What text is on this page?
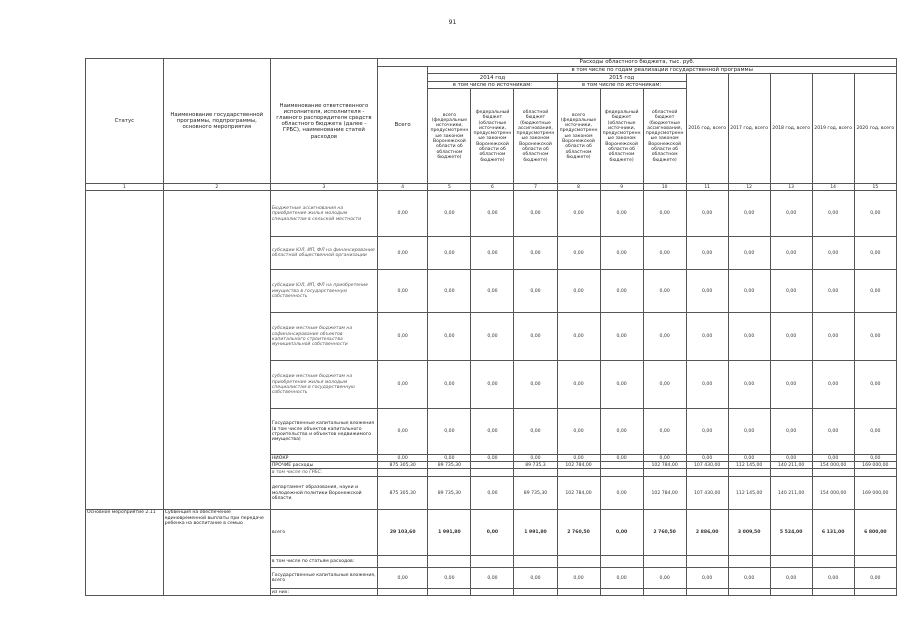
91
Статус	Наименование государственной программы, подпрограммы, основного мероприятия	Наименование ответственного исполнителя, исполнителя - главного распорядителя средств областного бюджета (далее - ГРБС), наименование статей расходов	Расходы областного бюджета, тыс. руб.											
			Всего	в том числе по годам реализации государственной программы										
				2014 год			2015 год			2016 год, всего	2017 год, всего	2018 год, всего	2019 год, всего	2020 год, всего
				в том числе по источникам:			в том числе по источникам:							
				всего (федеральные источники, предусмотренные законом Воронежской области об областном бюджете)	федеральный бюджет (областные источники, предусмотренные законом Воронежской области об областном бюджете)	областной бюджет (бюджетные ассигнования, предусмотренные законом Воронежской области об областном бюджете)	всего (федеральные источники, предусмотренные законом Воронежской области об областном бюджете)	федеральный бюджет (областные источники, предусмотренные законом Воронежской области об областном бюджете)	областной бюджет (бюджетные ассигнования, предусмотренные законом Воронежской области об областном бюджете)					
1	2	3	4	5	6	7	8	9	10	11	12	13	14	15
		Бюджетные ассигнования на приобретение жилья молодым специалистам в сельской местности	0,00	0,00	0,00	0,00	0,00	0,00	0,00	0,00	0,00	0,00	0,00	0,00
		субсидии ЮЛ, ИП, ФЛ на финансирование областной общественной организации	0,00	0,00	0,00	0,00	0,00	0,00	0,00	0,00	0,00	0,00	0,00	0,00
		субсидии ЮЛ, ИП, ФЛ на приобретение имущества в государственную собственность	0,00	0,00	0,00	0,00	0,00	0,00	0,00	0,00	0,00	0,00	0,00	0,00
		субсидии местным бюджетам на софинансирование объектов капитального строительства муниципальной собственности	0,00	0,00	0,00	0,00	0,00	0,00	0,00	0,00	0,00	0,00	0,00	0,00
		субсидии местным бюджетам на приобретение жилья молодым специалистам в государственную собственность	0,00	0,00	0,00	0,00	0,00	0,00	0,00	0,00	0,00	0,00	0,00	0,00
		Государственные капитальные вложения (в том числе объектов капитального строительства и объектов недвижимого имущества)	0,00	0,00	0,00	0,00	0,00	0,00	0,00	0,00	0,00	0,00	0,00	0,00
		НИОКР	0,00	0,00	0,00	0,00	0,00	0,00	0,00	0,00	0,00	0,00	0,00	0,00
		ПРОЧИЕ расходы	875 305,30	89 735,30		89 735,3	102 784,00		102 784,00	107 430,00	112 145,00	140 211,00	154 000,00	169 000,00
		в том числе по ГРБС:												
		департамент образования, науки и молодежной политики Воронежской области	875 305,30	89 735,30	0,00	89 735,30	102 784,00	0,00	102 784,00	107 430,00	112 145,00	140 211,00	154 000,00	169 000,00
Основное мероприятие 2.11	Субвенция на обеспечение единовременной выплаты при передаче ребенка на воспитание в семью	всего	29 103,60	1 991,80	0,00	1 991,80	2 760,50	0,00	2 760,50	2 886,00	3 009,50	5 524,00	6 131,00	6 800,00
		в том числе по статьям расходов:												
		Государственные капитальные вложения, всего	0,00	0,00	0,00	0,00	0,00	0,00	0,00	0,00	0,00	0,00	0,00	0,00
		из них:												
